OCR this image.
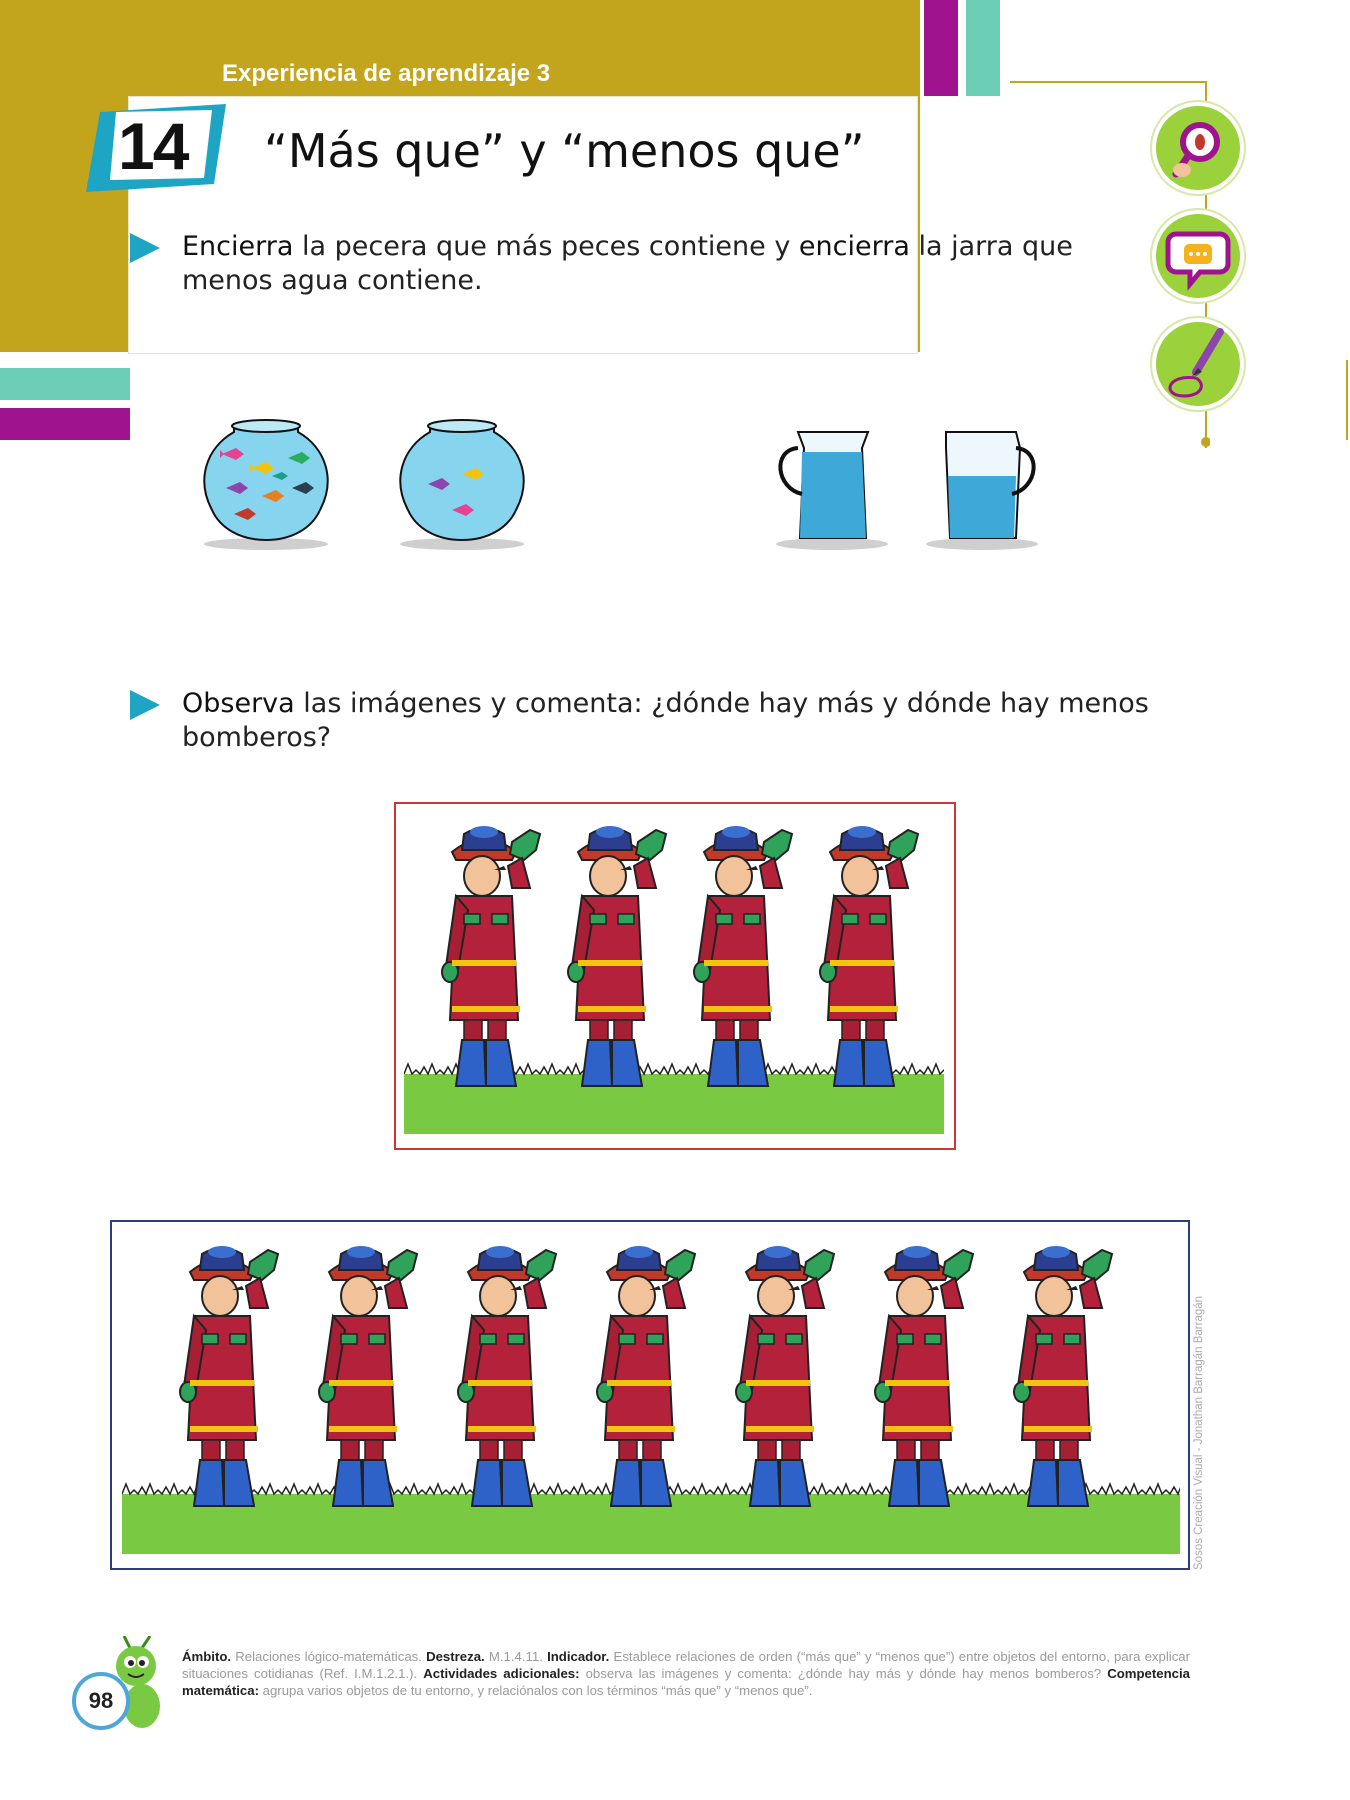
Experiencia de aprendizaje 3
14 “Más que” y “menos que”
Encierra la pecera que más peces contiene y encierra la jarra que menos agua contiene.
Observa las imágenes y comenta: ¿dónde hay más y dónde hay menos bomberos?
Sosos Creación Visual - Jonathan Barragán Barragán
98
Ámbito. Relaciones lógico-matemáticas. Destreza. M.1.4.11. Indicador. Establece relaciones de orden (“más que” y “menos que”) entre objetos del entorno, para explicar situaciones cotidianas (Ref. I.M.1.2.1.). Actividades adicionales: observa las imágenes y comenta: ¿dónde hay más y dónde hay menos bomberos? Competencia matemática: agrupa varios objetos de tu entorno, y relaciónalos con los términos “más que” y “menos que”.
